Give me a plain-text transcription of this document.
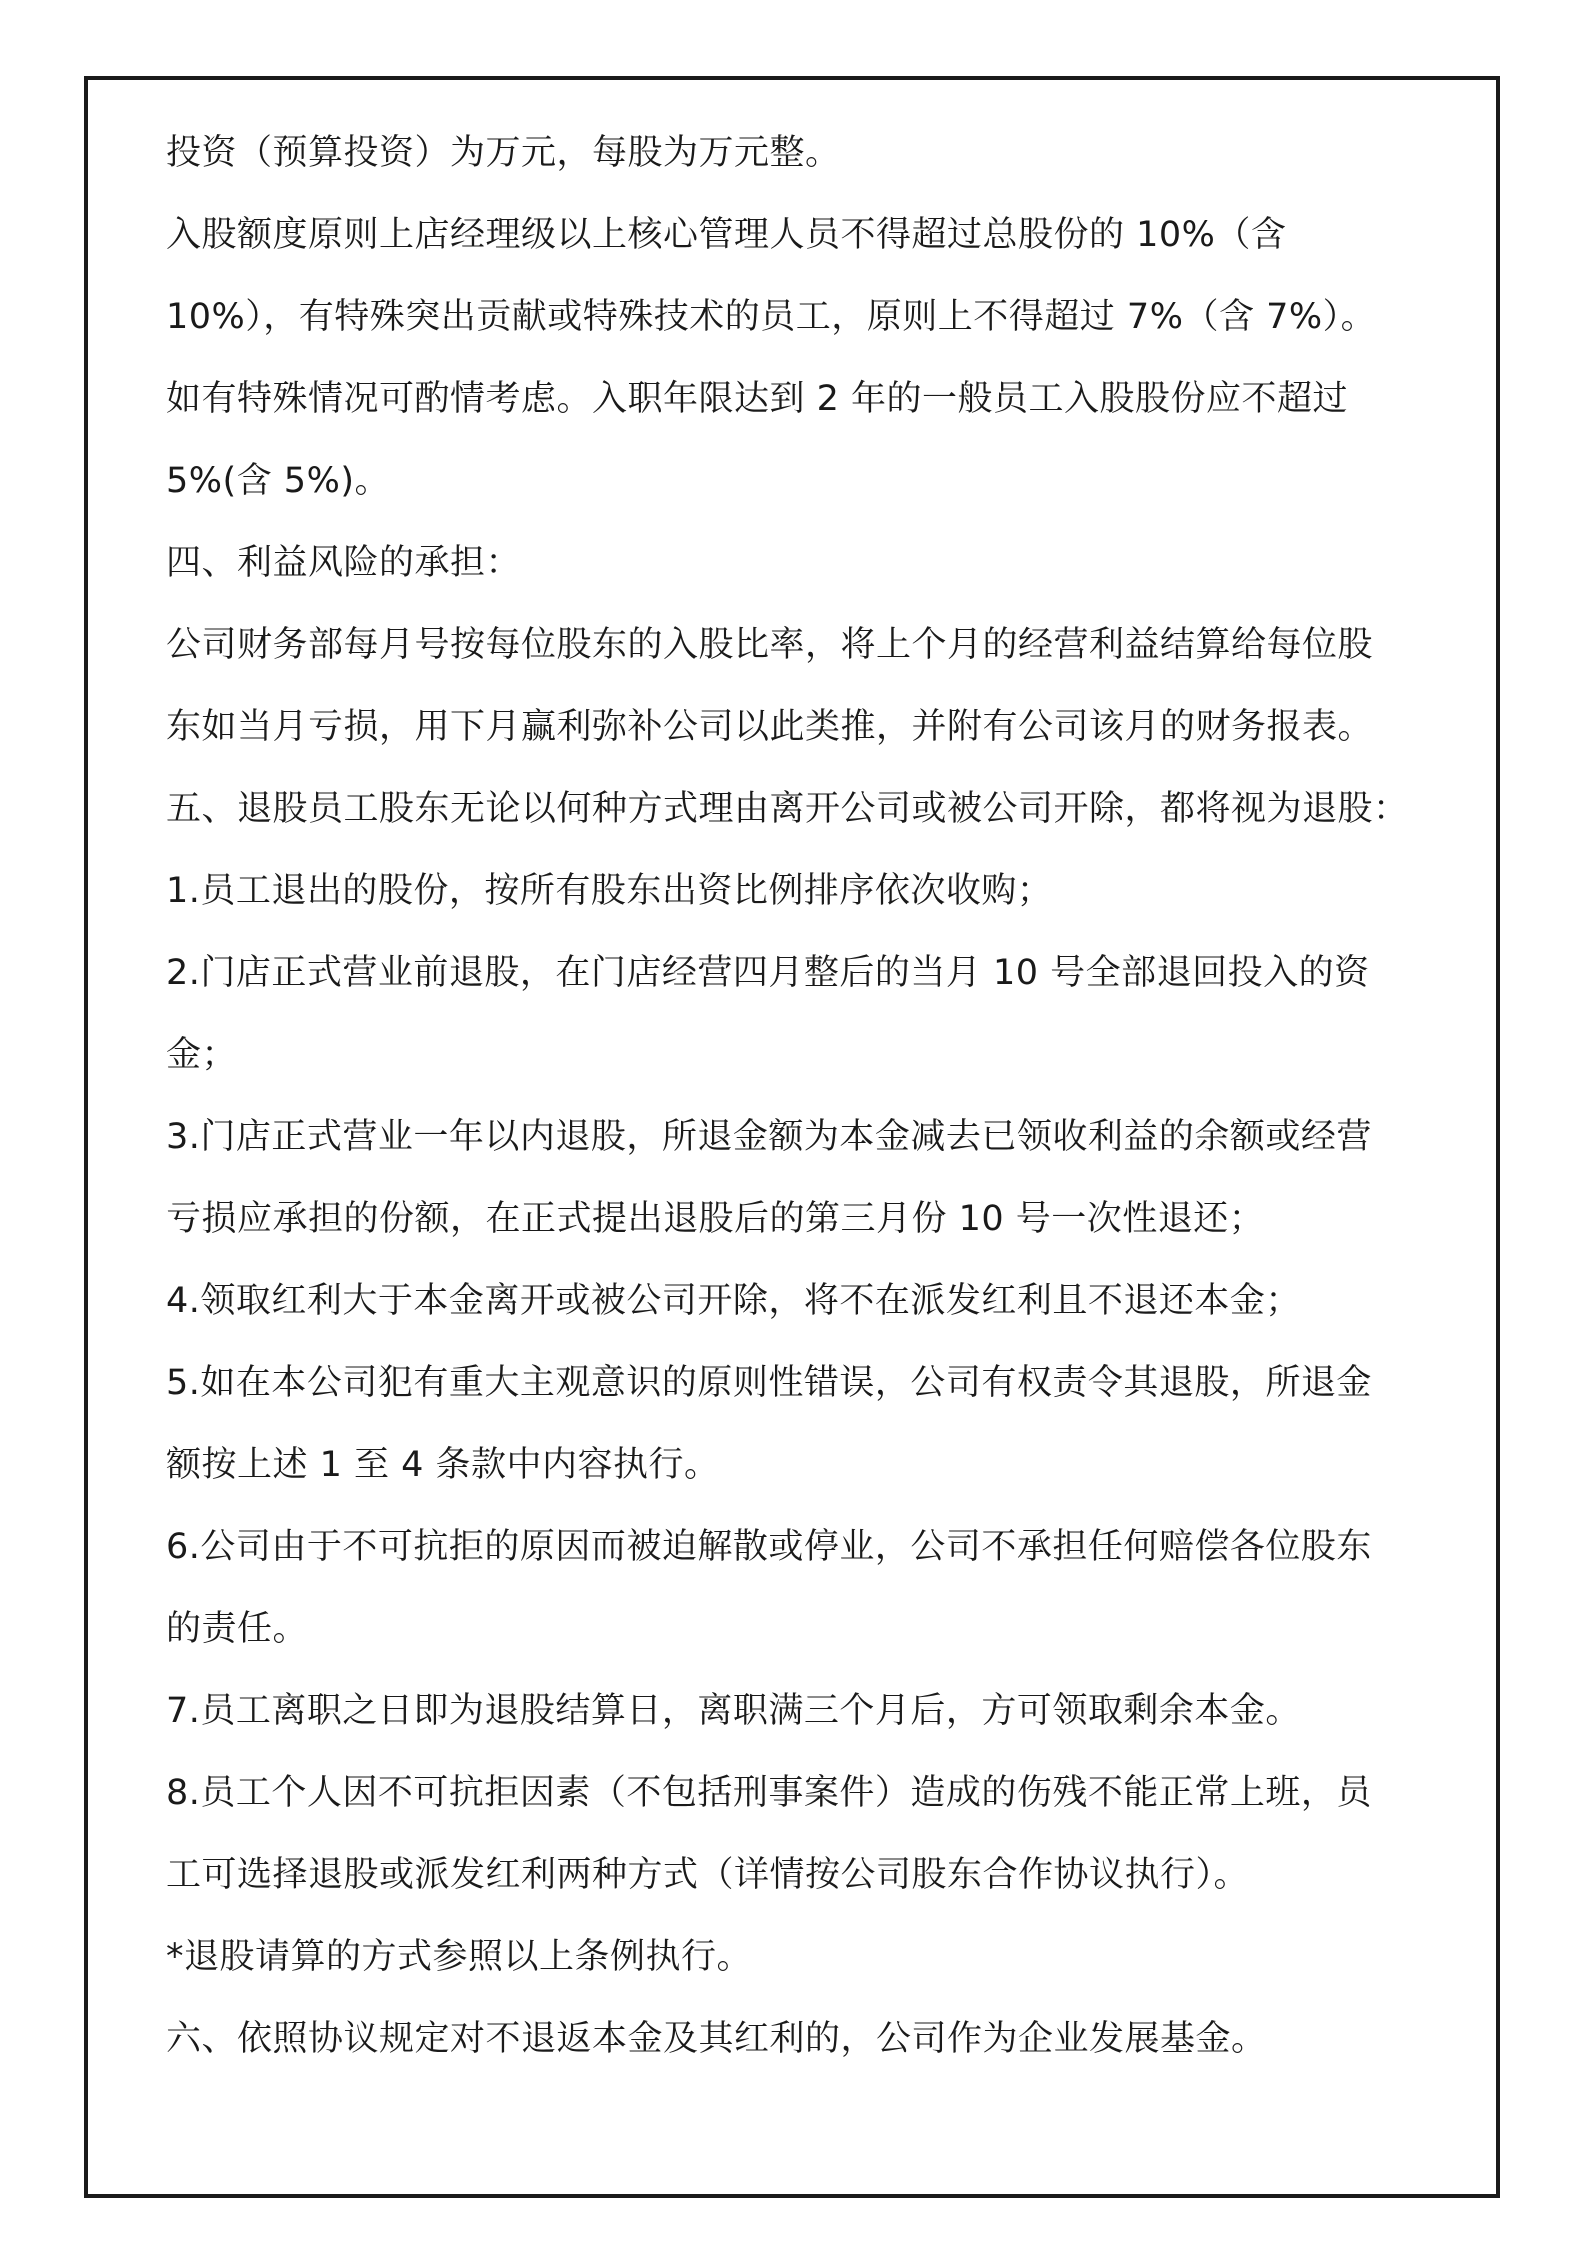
投资（预算投资）为万元，每股为万元整。
入股额度原则上店经理级以上核心管理人员不得超过总股份的 10%（含
10%），有特殊突出贡献或特殊技术的员工，原则上不得超过 7%（含 7%）。
如有特殊情况可酌情考虑。入职年限达到 2 年的一般员工入股股份应不超过
5%(含 5%)。
四、利益风险的承担：
公司财务部每月号按每位股东的入股比率，将上个月的经营利益结算给每位股
东如当月亏损，用下月赢利弥补公司以此类推，并附有公司该月的财务报表。
五、退股员工股东无论以何种方式理由离开公司或被公司开除，都将视为退股：
1.员工退出的股份，按所有股东出资比例排序依次收购；
2.门店正式营业前退股，在门店经营四月整后的当月 10 号全部退回投入的资
金；
3.门店正式营业一年以内退股，所退金额为本金减去已领收利益的余额或经营
亏损应承担的份额，在正式提出退股后的第三月份 10 号一次性退还；
4.领取红利大于本金离开或被公司开除，将不在派发红利且不退还本金；
5.如在本公司犯有重大主观意识的原则性错误，公司有权责令其退股，所退金
额按上述 1 至 4 条款中内容执行。
6.公司由于不可抗拒的原因而被迫解散或停业，公司不承担任何赔偿各位股东
的责任。
7.员工离职之日即为退股结算日，离职满三个月后，方可领取剩余本金。
8.员工个人因不可抗拒因素（不包括刑事案件）造成的伤残不能正常上班，员
工可选择退股或派发红利两种方式（详情按公司股东合作协议执行）。
*退股请算的方式参照以上条例执行。
六、依照协议规定对不退返本金及其红利的，公司作为企业发展基金。
